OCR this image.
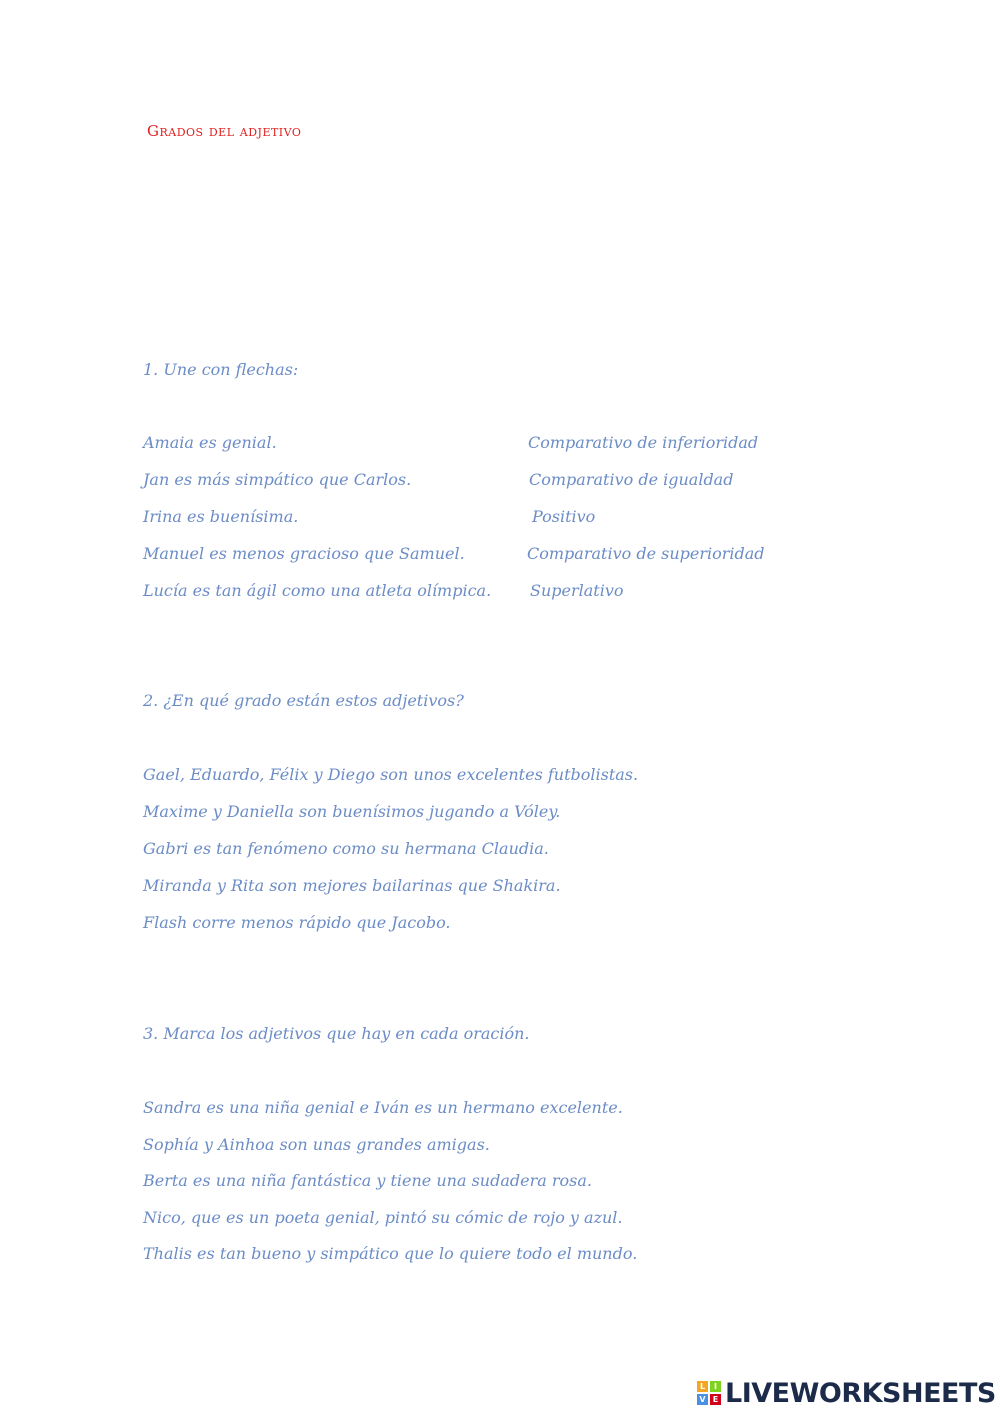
Grados del adjetivo
1. Une con flechas:
Amaia es genial.
Jan es más simpático que Carlos.
Irina es buenísima.
Manuel es menos gracioso que Samuel.
Lucía es tan ágil como una atleta olímpica.
Comparativo de inferioridad
Comparativo de igualdad
Positivo
Comparativo de superioridad
Superlativo
2. ¿En qué grado están estos adjetivos?
Gael, Eduardo, Félix y Diego son unos excelentes futbolistas.
Maxime y Daniella son buenísimos jugando a Vóley.
Gabri es tan fenómeno como su hermana Claudia.
Miranda y Rita son mejores bailarinas que Shakira.
Flash corre menos rápido que Jacobo.
3. Marca los adjetivos que hay en cada oración.
Sandra es una niña genial e Iván es un hermano excelente.
Sophía y Ainhoa son unas grandes amigas.
Berta es una niña fantástica y tiene una sudadera rosa.
Nico, que es un poeta genial, pintó su cómic de rojo y azul.
Thalis es tan bueno y simpático que lo quiere todo el mundo.
L	I
V E LIVEWORKSHEETS
